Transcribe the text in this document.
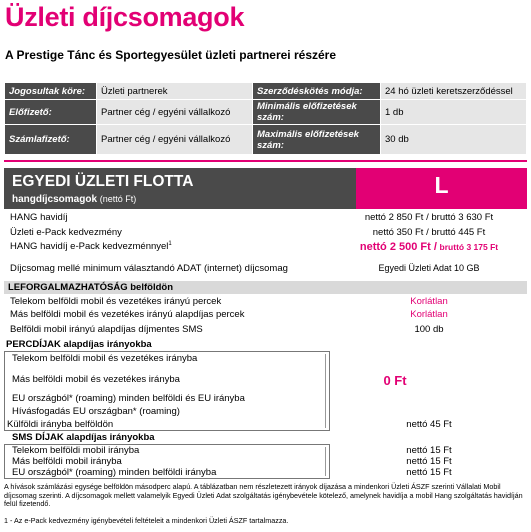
Üzleti díjcsomagok
A Prestige Tánc és Sportegyesület üzleti partnerei részére
Jogosultak köre:	Üzleti partnerek	Szerződéskötés módja:	24 hó üzleti keretszerződéssel
Előfizető:	Partner cég / egyéni vállalkozó	Minimális előfizetések szám:	1 db
Számlafizető:	Partner cég / egyéni vállalkozó	Maximális előfizetések szám:	30 db
EGYEDI ÜZLETI FLOTTA
hangdíjcsomagok (nettó Ft)
L
HANG havidíj	nettó 2 850 Ft / bruttó 3 630 Ft
Üzleti e-Pack kedvezmény	nettó 350 Ft / bruttó 445 Ft
HANG havidíj e-Pack kedvezménnyel$^1$	nettó 2 500 Ft / bruttó 3 175 Ft
Díjcsomag mellé minimum választandó ADAT (internet) díjcsomag	Egyedi Üzleti Adat 10 GB
LEFORGALMAZHATÓSÁG belföldön
Telekom belföldi mobil és vezetékes irányú percek	Korlátlan
Más belföldi mobil és vezetékes irányú alapdíjas percek	Korlátlan
Belföldi mobil irányú alapdíjas díjmentes SMS	100 db
PERCDÍJAK alapdíjas irányokba
Telekom belföldi mobil és vezetékes irányba
Más belföldi mobil és vezetékes irányba
EU országból* (roaming) minden belföldi és EU irányba
Hívásfogadás EU országban* (roaming)
0 Ft
Külföldi irányba belföldön	nettó 45 Ft
SMS DÍJAK alapdíjas irányokba
Telekom belföldi mobil irányba	nettó 15 Ft
Más belföldi mobil irányba	nettó 15 Ft
EU országból* (roaming) minden belföldi irányba	nettó 15 Ft
A hívások számlázási egysége belföldön másodperc alapú. A táblázatban nem részletezett irányok díjazása a mindenkori Üzleti ÁSZF szerinti Vállalati Mobil díjcsomag szerinti. A díjcsomagok mellett valamelyik Egyedi Üzleti Adat szolgáltatás igénybevétele kötelező, amelynek havidíja a mobil Hang szolgáltatás havidíján felül fizetendő.
1 - Az e-Pack kedvezmény igénybevételi feltételeit a mindenkori Üzleti ÁSZF tartalmazza.
